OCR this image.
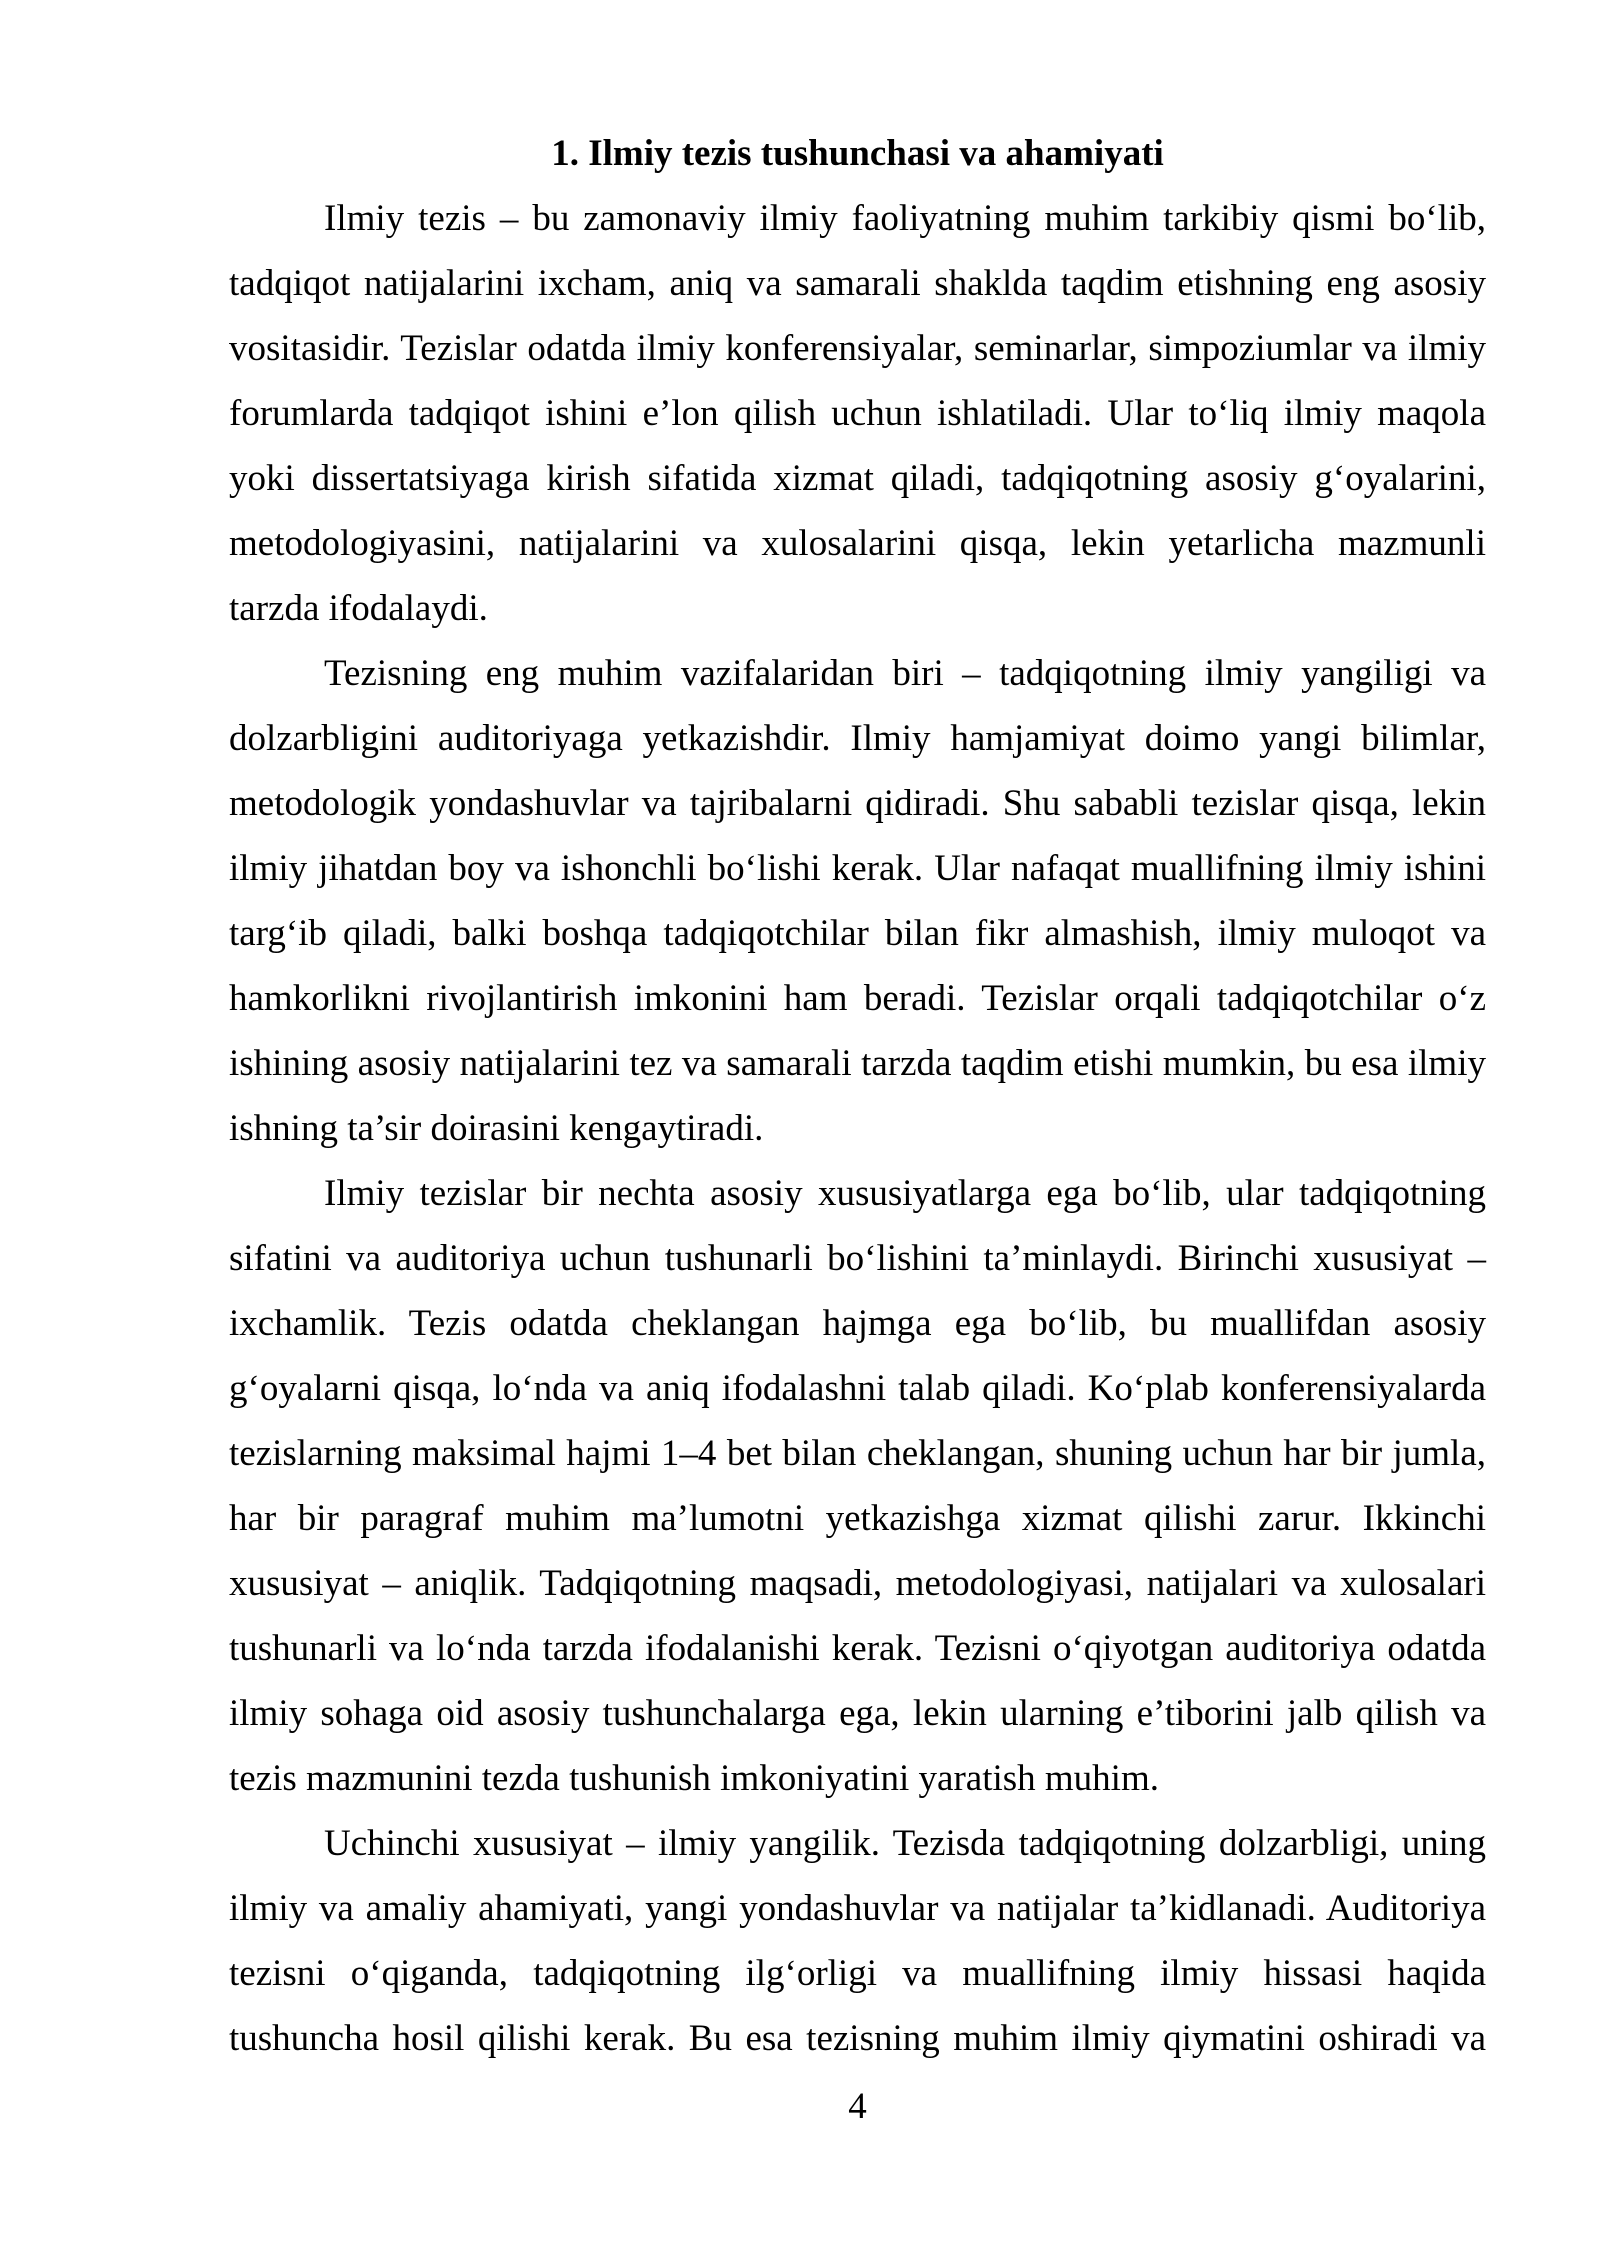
1. Ilmiy tezis tushunchasi va ahamiyati
Ilmiy tezis – bu zamonaviy ilmiy faoliyatning muhim tarkibiy qismi bo‘lib,
tadqiqot natijalarini ixcham, aniq va samarali shaklda taqdim etishning eng asosiy
vositasidir. Tezislar odatda ilmiy konferensiyalar, seminarlar, simpoziumlar va ilmiy
forumlarda tadqiqot ishini e’lon qilish uchun ishlatiladi. Ular to‘liq ilmiy maqola
yoki dissertatsiyaga kirish sifatida xizmat qiladi, tadqiqotning asosiy g‘oyalarini,
metodologiyasini, natijalarini va xulosalarini qisqa, lekin yetarlicha mazmunli
tarzda ifodalaydi.
Tezisning eng muhim vazifalaridan biri – tadqiqotning ilmiy yangiligi va
dolzarbligini auditoriyaga yetkazishdir. Ilmiy hamjamiyat doimo yangi bilimlar,
metodologik yondashuvlar va tajribalarni qidiradi. Shu sababli tezislar qisqa, lekin
ilmiy jihatdan boy va ishonchli bo‘lishi kerak. Ular nafaqat muallifning ilmiy ishini
targ‘ib qiladi, balki boshqa tadqiqotchilar bilan fikr almashish, ilmiy muloqot va
hamkorlikni rivojlantirish imkonini ham beradi. Tezislar orqali tadqiqotchilar o‘z
ishining asosiy natijalarini tez va samarali tarzda taqdim etishi mumkin, bu esa ilmiy
ishning ta’sir doirasini kengaytiradi.
Ilmiy tezislar bir nechta asosiy xususiyatlarga ega bo‘lib, ular tadqiqotning
sifatini va auditoriya uchun tushunarli bo‘lishini ta’minlaydi. Birinchi xususiyat –
ixchamlik. Tezis odatda cheklangan hajmga ega bo‘lib, bu muallifdan asosiy
g‘oyalarni qisqa, lo‘nda va aniq ifodalashni talab qiladi. Ko‘plab konferensiyalarda
tezislarning maksimal hajmi 1–4 bet bilan cheklangan, shuning uchun har bir jumla,
har bir paragraf muhim ma’lumotni yetkazishga xizmat qilishi zarur. Ikkinchi
xususiyat – aniqlik. Tadqiqotning maqsadi, metodologiyasi, natijalari va xulosalari
tushunarli va lo‘nda tarzda ifodalanishi kerak. Tezisni o‘qiyotgan auditoriya odatda
ilmiy sohaga oid asosiy tushunchalarga ega, lekin ularning e’tiborini jalb qilish va
tezis mazmunini tezda tushunish imkoniyatini yaratish muhim.
Uchinchi xususiyat – ilmiy yangilik. Tezisda tadqiqotning dolzarbligi, uning
ilmiy va amaliy ahamiyati, yangi yondashuvlar va natijalar ta’kidlanadi. Auditoriya
tezisni o‘qiganda, tadqiqotning ilg‘orligi va muallifning ilmiy hissasi haqida
tushuncha hosil qilishi kerak. Bu esa tezisning muhim ilmiy qiymatini oshiradi va
4
